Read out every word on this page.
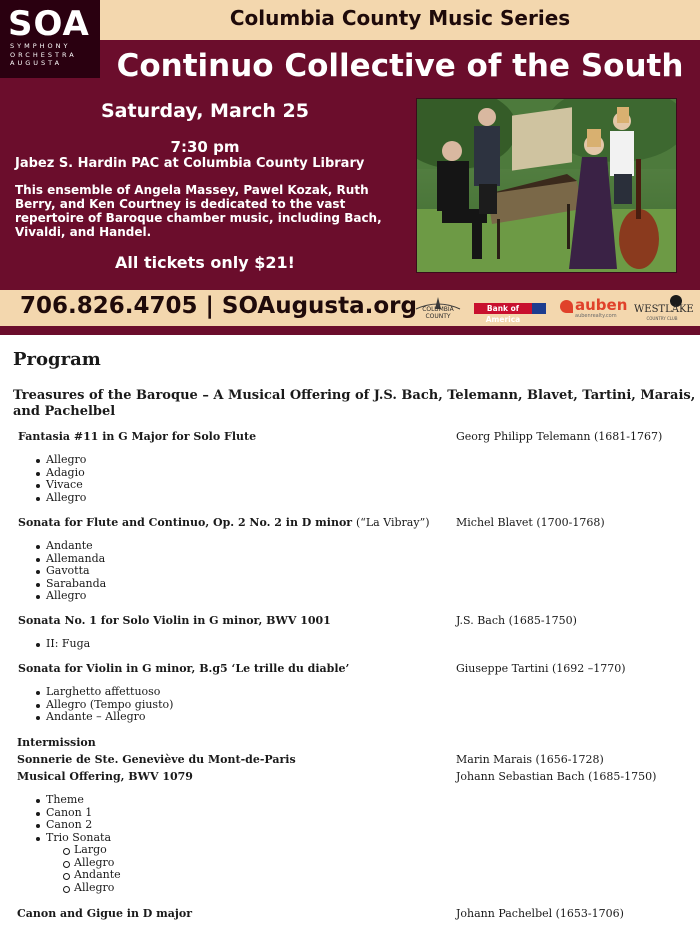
SOA
SYMPHONY ORCHESTRA AUGUSTA
Columbia County Music Series
Continuo Collective of the South
Saturday, March 25
7:30 pm
Jabez S. Hardin PAC at Columbia County Library
This ensemble of Angela Massey, Pawel Kozak, Ruth Berry, and Ken Courtney is dedicated to the vast repertoire of Baroque chamber music, including Bach, Vivaldi, and Handel.
All tickets only $21!
706.826.4705 | SOAugusta.org COLUMBIA COUNTY
Bank of America
auben
aubenrealty.com
WESTLAKE
COUNTRY CLUB
Program
Treasures of the Baroque – A Musical Offering of J.S. Bach, Telemann, Blavet, Tartini, Marais, and Pachelbel
Fantasia #11 in G Major for Solo Flute	Georg Philipp Telemann (1681-1767)
Allegro
Adagio
Vivace
Allegro
Sonata for Flute and Continuo, Op. 2 No. 2 in D minor (“La Vibray”) Michel Blavet (1700-1768)
Andante
Allemanda
Gavotta
Sarabanda
Allegro
Sonata No. 1 for Solo Violin in G minor, BWV 1001	J.S. Bach (1685-1750)
II: Fuga
Sonata for Violin in G minor, B.g5 ‘Le trille du diable’	Giuseppe Tartini (1692 –1770)
Larghetto affettuoso
Allegro (Tempo giusto)
Andante – Allegro
Intermission
Sonnerie de Ste. Geneviève du Mont-de-Paris	Marin Marais (1656-1728)
Musical Offering, BWV 1079	Johann Sebastian Bach (1685-1750)
Theme
Canon 1
Canon 2
Trio Sonata
Largo
Allegro
Andante
Allegro
Canon and Gigue in D major	Johann Pachelbel (1653-1706)
